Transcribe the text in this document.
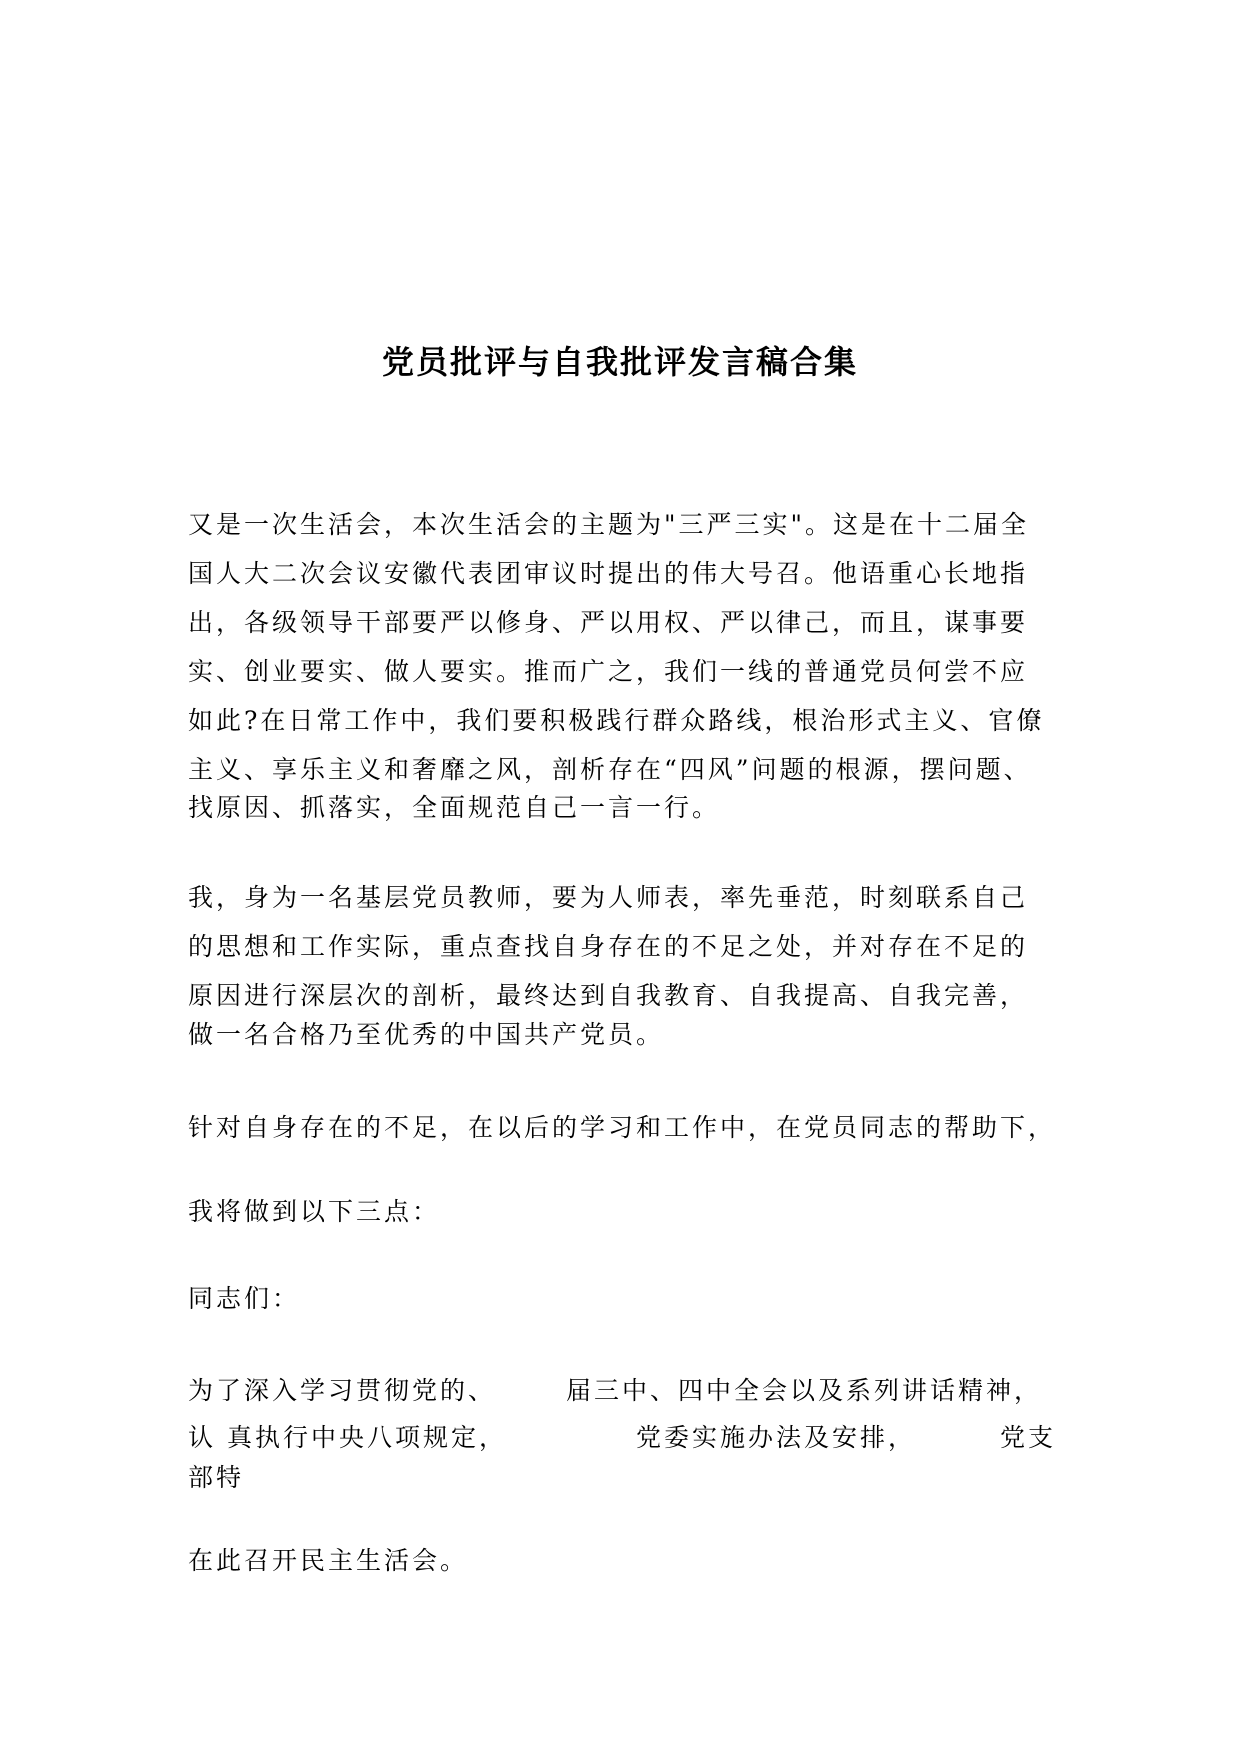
党员批评与自我批评发言稿合集
又是一次生活会，本次生活会的主题为"三严三实"。这是在十二届全
国人大二次会议安徽代表团审议时提出的伟大号召。他语重心长地指
出，各级领导干部要严以修身、严以用权、严以律己，而且，谋事要
实、创业要实、做人要实。推而广之，我们一线的普通党员何尝不应
如此?在日常工作中，我们要积极践行群众路线，根治形式主义、官僚
主义、享乐主义和奢靡之风，剖析存在“四风”问题的根源，摆问题、
找原因、抓落实，全面规范自己一言一行。
我，身为一名基层党员教师，要为人师表，率先垂范，时刻联系自己
的思想和工作实际，重点查找自身存在的不足之处，并对存在不足的
原因进行深层次的剖析，最终达到自我教育、自我提高、自我完善，
做一名合格乃至优秀的中国共产党员。
针对自身存在的不足，在以后的学习和工作中，在党员同志的帮助下，
我将做到以下三点：
同志们：
为了深入学习贯彻党的、	届三中、四中全会以及系列讲话精神，
认 真执行中央八项规定，	党委实施办法及安排，	党支
部特
在此召开民主生活会。
